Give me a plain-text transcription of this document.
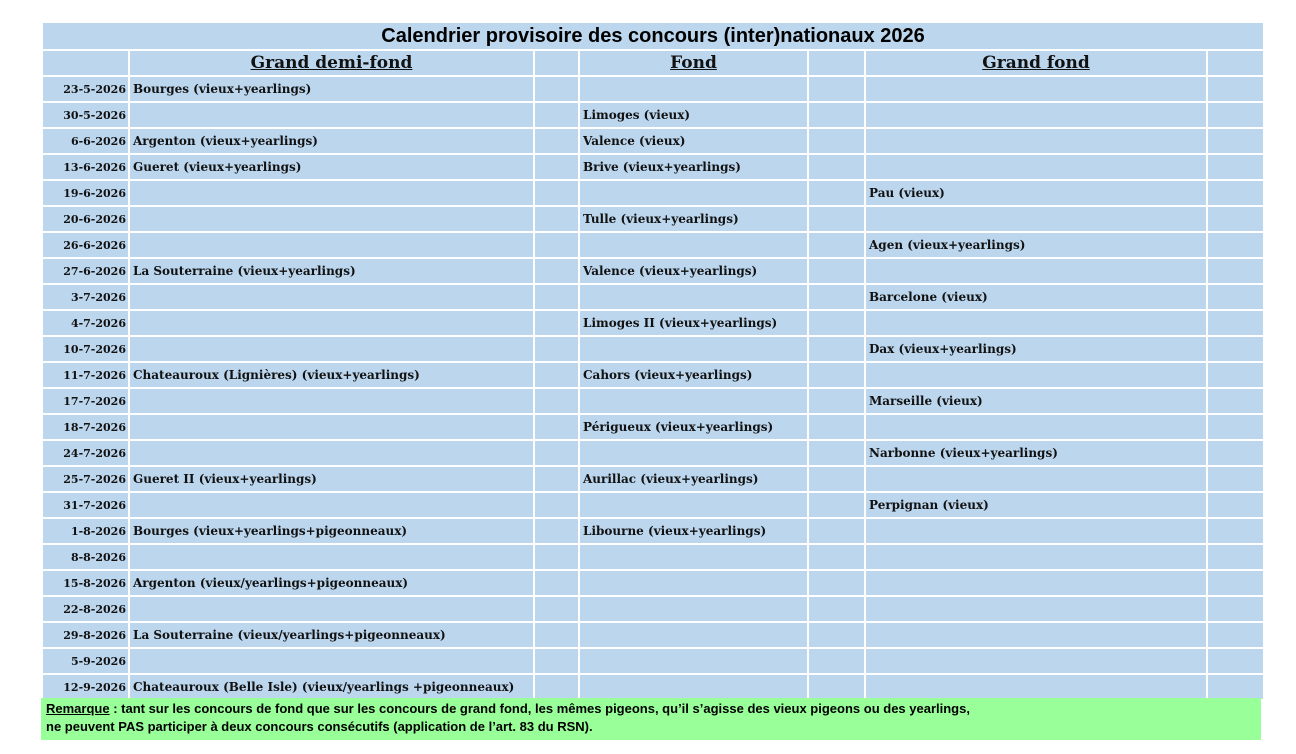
Calendrier provisoire des concours (inter)nationaux 2026						
	Grand demi-fond		Fond		Grand fond	
23-5-2026	Bourges (vieux+yearlings)					
30-5-2026			Limoges (vieux)			
6-6-2026	Argenton (vieux+yearlings)		Valence (vieux)			
13-6-2026	Gueret (vieux+yearlings)		Brive (vieux+yearlings)			
19-6-2026					Pau (vieux)	
20-6-2026			Tulle (vieux+yearlings)			
26-6-2026					Agen (vieux+yearlings)	
27-6-2026	La Souterraine (vieux+yearlings)		Valence (vieux+yearlings)			
3-7-2026					Barcelone (vieux)	
4-7-2026			Limoges II (vieux+yearlings)			
10-7-2026					Dax (vieux+yearlings)	
11-7-2026	Chateauroux (Lignières) (vieux+yearlings)		Cahors (vieux+yearlings)			
17-7-2026					Marseille (vieux)	
18-7-2026			Périgueux (vieux+yearlings)			
24-7-2026					Narbonne (vieux+yearlings)	
25-7-2026	Gueret II (vieux+yearlings)		Aurillac (vieux+yearlings)			
31-7-2026					Perpignan (vieux)	
1-8-2026	Bourges (vieux+yearlings+pigeonneaux)		Libourne (vieux+yearlings)			
8-8-2026						
15-8-2026	Argenton (vieux/yearlings+pigeonneaux)					
22-8-2026						
29-8-2026	La Souterraine (vieux/yearlings+pigeonneaux)					
5-9-2026						
12-9-2026	Chateauroux (Belle Isle) (vieux/yearlings +pigeonneaux)					
Remarque : tant sur les concours de fond que sur les concours de grand fond, les mêmes pigeons, qu’il s’agisse des vieux pigeons ou des yearlings,
ne peuvent PAS participer à deux concours consécutifs (application de l’art. 83 du RSN).
